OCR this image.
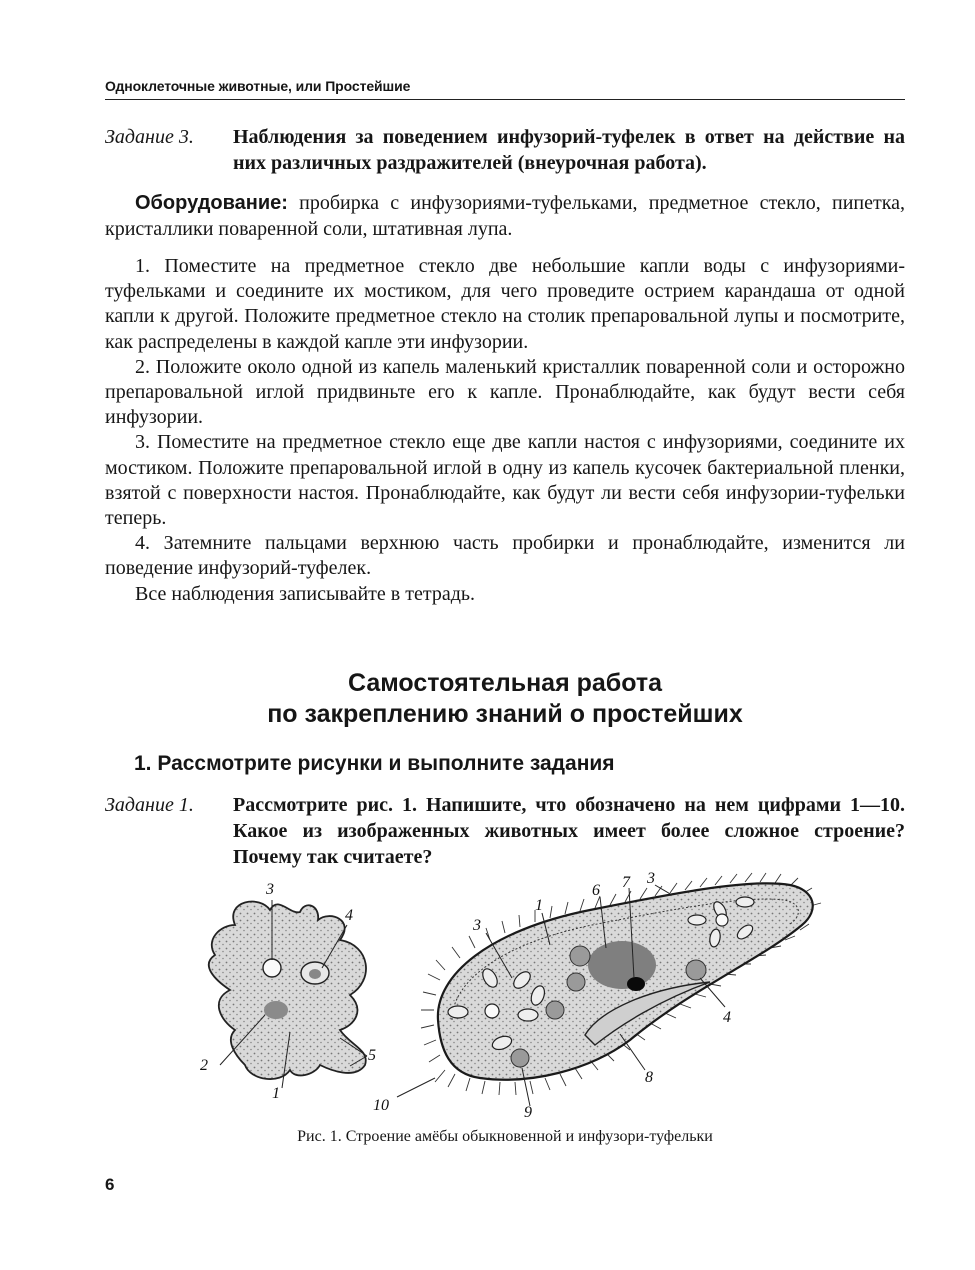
Одноклеточные животные, или Простейшие
Задание 3. Наблюдения за поведением инфузорий-туфелек в ответ на действие на них различных раздражителей (внеурочная работа).
Оборудование: пробирка с инфузориями-туфельками, предметное стекло, пипетка, кристаллики поваренной соли, штативная лупа.

1. Поместите на предметное стекло две небольшие капли воды с инфузориями-туфельками и соедините их мостиком, для чего проведите острием карандаша от одной капли к другой. Положите предметное стекло на столик препаровальной лупы и посмотрите, как распределены в каждой капле эти инфузории.

2. Положите около одной из капель маленький кристаллик поваренной соли и осторожно препаровальной иглой придвиньте его к капле. Пронаблюдайте, как будут вести себя инфузории.

3. Поместите на предметное стекло еще две капли настоя с инфузориями, соедините их мостиком. Положите препаровальной иглой в одну из капель кусочек бактериальной пленки, взятой с поверхности настоя. Пронаблюдайте, как будут ли вести себя инфузории-туфельки теперь.

4. Затемните пальцами верхнюю часть пробирки и пронаблюдайте, изменится ли поведение инфузорий-туфелек.

Все наблюдения записывайте в тетрадь.

Самостоятельная работа
по закреплению знаний о простейших
1. Рассмотрите рисунки и выполните задания
Задание 1. Рассмотрите рис. 1. Напишите, что обозначено на нем цифрами 1—10. Какое из изображенных животных имеет более сложное строение? Почему так считаете?
3
4
5
2
1
1
6 7 3
3
4
8
9
10
Рис. 1. Строение амёбы обыкновенной и инфузори-туфельки
6
